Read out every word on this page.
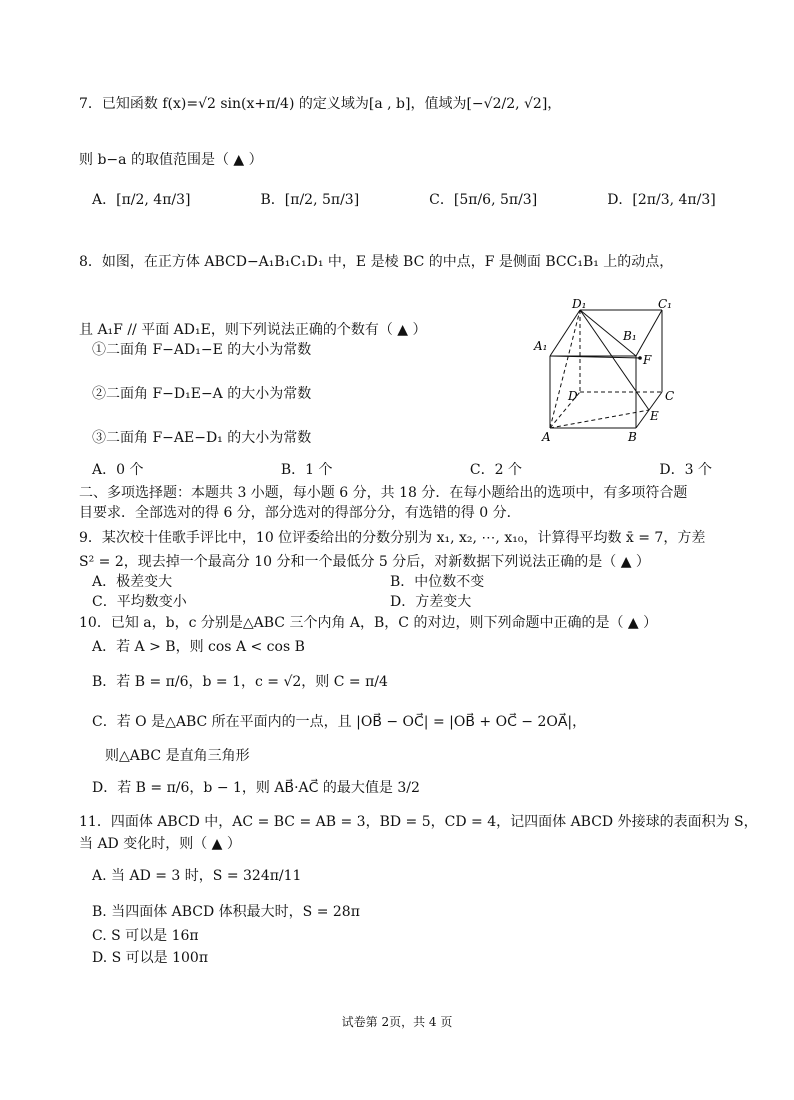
7．已知函数 f(x)=√2 sin(x+π/4) 的定义域为[a , b]，值域为[−√2/2, √2]，
则 b−a 的取值范围是（ ▲ ）
A．[π/2, 4π/3]	B．[π/2, 5π/3]	C．[5π/6, 5π/3]	D．[2π/3, 4π/3]
8．如图，在正方体 ABCD−A₁B₁C₁D₁ 中，E 是棱 BC 的中点，F 是侧面 BCC₁B₁ 上的动点，
且 A₁F // 平面 AD₁E，则下列说法正确的个数有（ ▲ ）
①二面角 F−AD₁−E 的大小为常数
②二面角 F−D₁E−A 的大小为常数
③二面角 F−AE−D₁ 的大小为常数
D₁	C₁
B₁
A₁
F
D	C
E
A	B
A．0 个	B．1 个	C．2 个	D．3 个
二、多项选择题：本题共 3 小题，每小题 6 分，共 18 分．在每小题给出的选项中，有多项符合题
目要求．全部选对的得 6 分，部分选对的得部分分，有选错的得 0 分．
9．某次校十佳歌手评比中，10 位评委给出的分数分别为 x₁, x₂, ⋯, x₁₀，计算得平均数 x̄ = 7，方差
S² = 2，现去掉一个最高分 10 分和一个最低分 5 分后，对新数据下列说法正确的是（ ▲ ）
A．极差变大	B．中位数不变
C．平均数变小	D．方差变大
10．已知 a，b，c 分别是△ABC 三个内角 A，B，C 的对边，则下列命题中正确的是（ ▲ ）
A．若 A > B，则 cos A < cos B
B．若 B = π/6，b = 1，c = √2，则 C = π/4
C．若 O 是△ABC 所在平面内的一点，且 |OB⃗ − OC⃗| = |OB⃗ + OC⃗ − 2OA⃗|，
则△ABC 是直角三角形
D．若 B = π/6，b − 1，则 AB⃗·AC⃗ 的最大值是 3/2
11．四面体 ABCD 中，AC = BC = AB = 3，BD = 5，CD = 4，记四面体 ABCD 外接球的表面积为 S，
当 AD 变化时，则（ ▲ ）
A. 当 AD = 3 时，S = 324π/11
B. 当四面体 ABCD 体积最大时，S = 28π
C. S 可以是 16π
D. S 可以是 100π
试卷第 2页，共 4 页
